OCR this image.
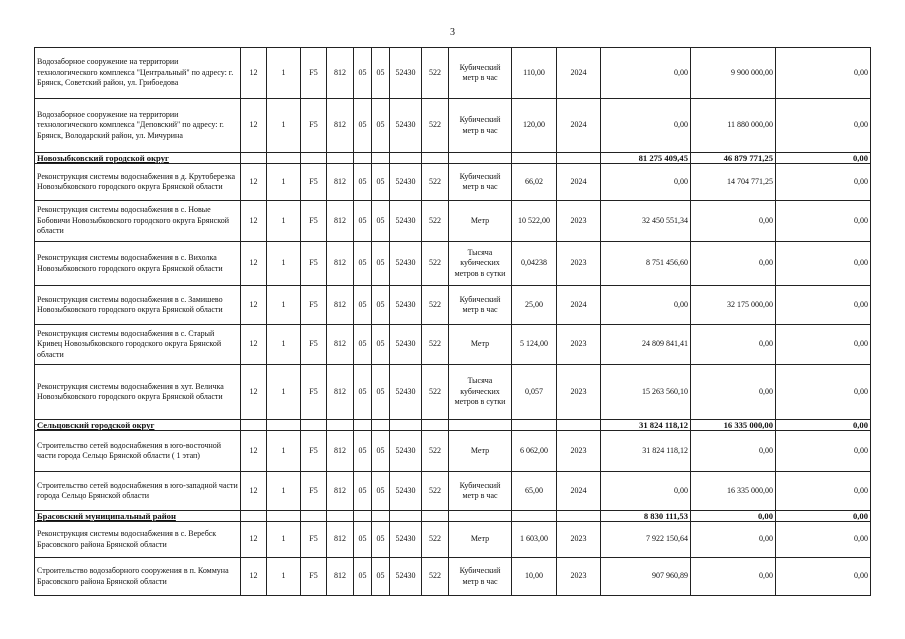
3
Водозаборное сооружение на территории технологического комплекса "Центральный" по адресу: г. Брянск, Советский район, ул. Грибоедова	12	1	F5	812	05	05	52430	522	Кубический метр в час	110,00	2024	0,00	9 900 000,00	0,00
Водозаборное сооружение на территории технологического комплекса "Деповский" по адресу: г. Брянск, Володарский район, ул. Мичурина	12	1	F5	812	05	05	52430	522	Кубический метр в час	120,00	2024	0,00	11 880 000,00	0,00
Новозыбковский городской округ												81 275 409,45	46 879 771,25	0,00
Реконструкция системы водоснабжения в д. Крутоберезка Новозыбковского городского округа Брянской области	12	1	F5	812	05	05	52430	522	Кубический метр в час	66,02	2024	0,00	14 704 771,25	0,00
Реконструкция системы водоснабжения в с. Новые Бобовичи Новозыбковского городского округа Брянской области	12	1	F5	812	05	05	52430	522	Метр	10 522,00	2023	32 450 551,34	0,00	0,00
Реконструкция системы водоснабжения в с. Вихолка Новозыбковского городского округа Брянской области	12	1	F5	812	05	05	52430	522	Тысяча кубических метров в сутки	0,04238	2023	8 751 456,60	0,00	0,00
Реконструкция системы водоснабжения в с. Замишево Новозыбковского городского округа Брянской области	12	1	F5	812	05	05	52430	522	Кубический метр в час	25,00	2024	0,00	32 175 000,00	0,00
Реконструкция системы водоснабжения в с. Старый Кривец Новозыбковского городского округа Брянской области	12	1	F5	812	05	05	52430	522	Метр	5 124,00	2023	24 809 841,41	0,00	0,00
Реконструкция системы водоснабжения в хут. Величка Новозыбковского городского округа Брянской области	12	1	F5	812	05	05	52430	522	Тысяча кубических метров в сутки	0,057	2023	15 263 560,10	0,00	0,00
Сельцовский городской округ												31 824 118,12	16 335 000,00	0,00
Строительство сетей водоснабжения в юго-восточной части города Сельцо Брянской области ( 1 этап)	12	1	F5	812	05	05	52430	522	Метр	6 062,00	2023	31 824 118,12	0,00	0,00
Строительство сетей водоснабжения в юго-западной части города Сельцо Брянской области	12	1	F5	812	05	05	52430	522	Кубический метр в час	65,00	2024	0,00	16 335 000,00	0,00
Брасовский муниципальный район												8 830 111,53	0,00	0,00
Реконструкция системы водоснабжения в с. Веребск Брасовского района Брянской области	12	1	F5	812	05	05	52430	522	Метр	1 603,00	2023	7 922 150,64	0,00	0,00
Строительство водозаборного сооружения в п. Коммуна Брасовского района Брянской области	12	1	F5	812	05	05	52430	522	Кубический метр в час	10,00	2023	907 960,89	0,00	0,00
